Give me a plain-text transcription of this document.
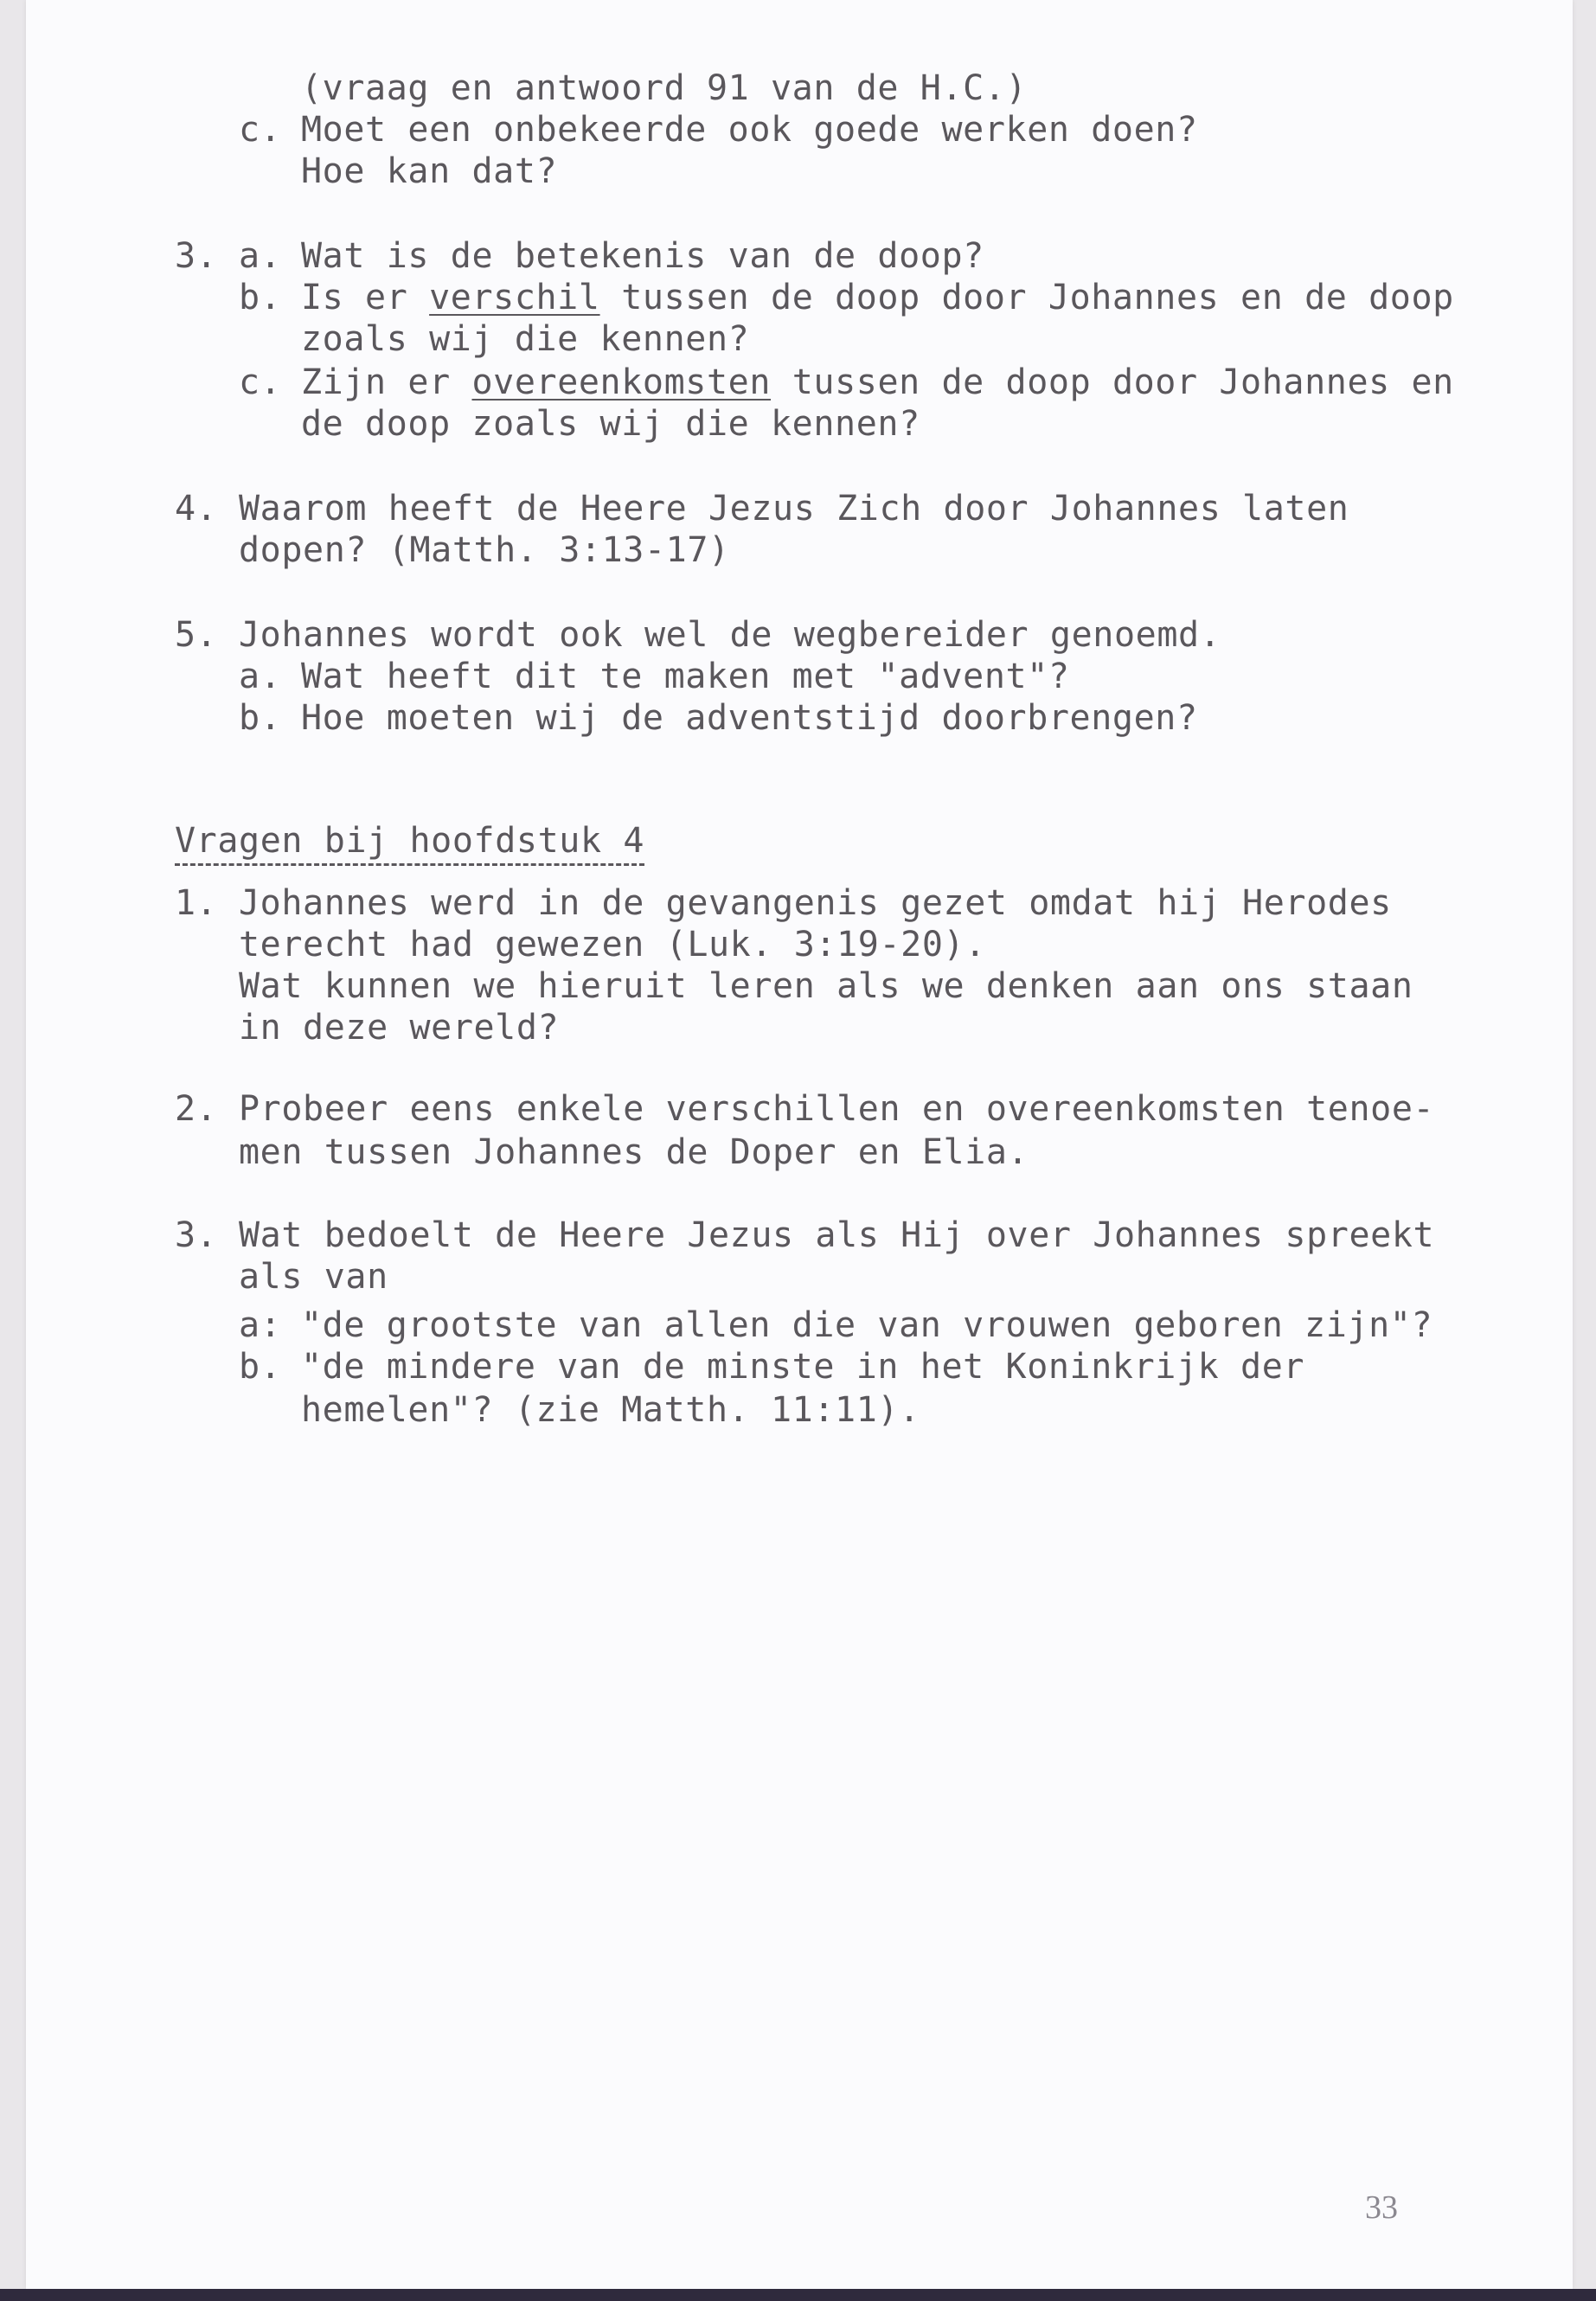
(vraag en antwoord 91 van de H.C.)
c. Moet een onbekeerde ook goede werken doen?
Hoe kan dat?
3. a. Wat is de betekenis van de doop?
b. Is er verschil tussen de doop door Johannes en de doop
zoals wij die kennen?
c. Zijn er overeenkomsten tussen de doop door Johannes en
de doop zoals wij die kennen?
4. Waarom heeft de Heere Jezus Zich door Johannes laten
dopen? (Matth. 3:13-17)
5. Johannes wordt ook wel de wegbereider genoemd.
a. Wat heeft dit te maken met "advent"?
b. Hoe moeten wij de adventstijd doorbrengen?
Vragen bij hoofdstuk 4
1. Johannes werd in de gevangenis gezet omdat hij Herodes
terecht had gewezen (Luk. 3:19-20).
Wat kunnen we hieruit leren als we denken aan ons staan
in deze wereld?
2. Probeer eens enkele verschillen en overeenkomsten tenoe-
men tussen Johannes de Doper en Elia.
3. Wat bedoelt de Heere Jezus als Hij over Johannes spreekt
als van
a: "de grootste van allen die van vrouwen geboren zijn"?
b. "de mindere van de minste in het Koninkrijk der
hemelen"? (zie Matth. 11:11).
33
